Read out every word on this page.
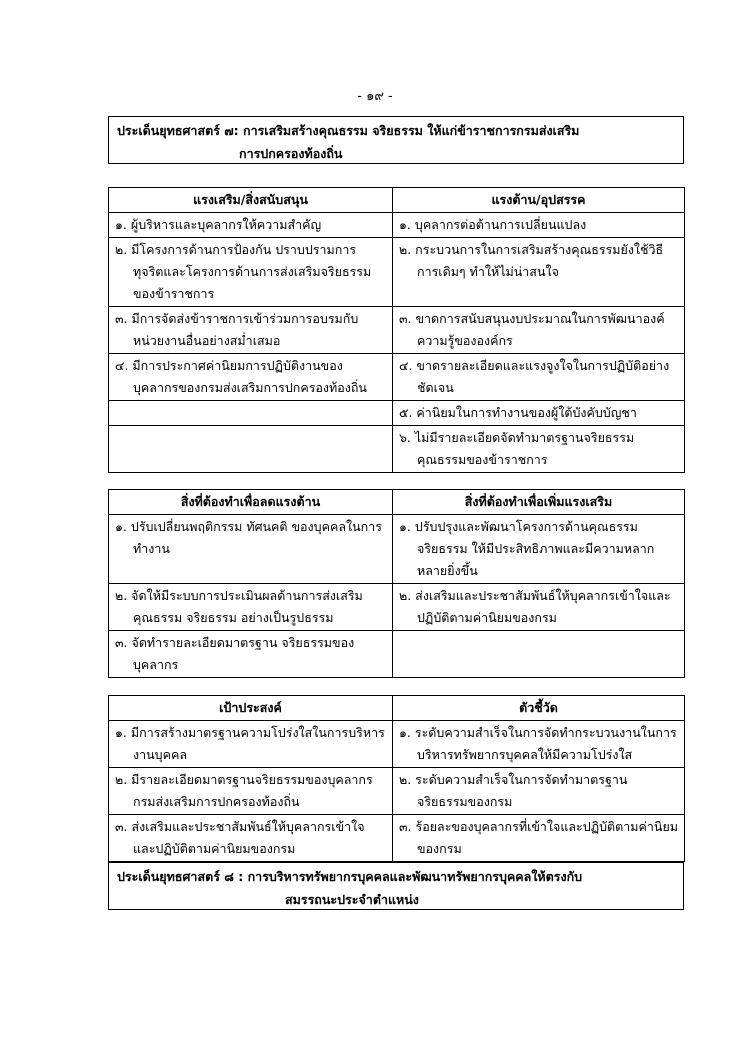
- ๑๙ -
ประเด็นยุทธศาสตร์ ๗: การเสริมสร้างคุณธรรม จริยธรรม ให้แก่ข้าราชการกรมส่งเสริม
การปกครองท้องถิ่น
แรงเสริม/สิ่งสนับสนุน	แรงต้าน/อุปสรรค

๑. ผู้บริหารและบุคลากรให้ความสำคัญ	๑. บุคลากรต่อต้านการเปลี่ยนแปลง

๒. มีโครงการด้านการป้องกัน ปราบปรามการทุจริตและโครงการด้านการส่งเสริมจริยธรรมของข้าราชการ	๒. กระบวนการในการเสริมสร้างคุณธรรมยังใช้วิธีการเดิมๆ ทำให้ไม่น่าสนใจ

๓. มีการจัดส่งข้าราชการเข้าร่วมการอบรมกับหน่วยงานอื่นอย่างสม่ำเสมอ	๓. ขาดการสนับสนุนงบประมาณในการพัฒนาองค์ความรู้ขององค์กร

๔. มีการประกาศค่านิยมการปฏิบัติงานของบุคลากรของกรมส่งเสริมการปกครองท้องถิ่น	๔. ขาดรายละเอียดและแรงจูงใจในการปฏิบัติอย่างชัดเจน

	๕. ค่านิยมในการทำงานของผู้ใต้บังคับบัญชา

	๖. ไม่มีรายละเอียดจัดทำมาตรฐานจริยธรรมคุณธรรมของข้าราชการ
สิ่งที่ต้องทำเพื่อลดแรงต้าน	สิ่งที่ต้องทำเพื่อเพิ่มแรงเสริม

๑. ปรับเปลี่ยนพฤติกรรม ทัศนคติ ของบุคคลในการทำงาน	๑. ปรับปรุงและพัฒนาโครงการด้านคุณธรรมจริยธรรม ให้มีประสิทธิภาพและมีความหลากหลายยิ่งขึ้น

๒. จัดให้มีระบบการประเมินผลด้านการส่งเสริมคุณธรรม จริยธรรม อย่างเป็นรูปธรรม	๒. ส่งเสริมและประชาสัมพันธ์ให้บุคลากรเข้าใจและปฏิบัติตามค่านิยมของกรม

๓. จัดทำรายละเอียดมาตรฐาน จริยธรรมของบุคลากร	

เป้าประสงค์	ตัวชี้วัด

๑. มีการสร้างมาตรฐานความโปร่งใสในการบริหารงานบุคคล	๑. ระดับความสำเร็จในการจัดทำกระบวนงานในการบริหารทรัพยากรบุคคลให้มีความโปร่งใส

๒. มีรายละเอียดมาตรฐานจริยธรรมของบุคลากรกรมส่งเสริมการปกครองท้องถิ่น	๒. ระดับความสำเร็จในการจัดทำมาตรฐานจริยธรรมของกรม

๓. ส่งเสริมและประชาสัมพันธ์ให้บุคลากรเข้าใจและปฏิบัติตามค่านิยมของกรม	๓. ร้อยละของบุคลากรที่เข้าใจและปฏิบัติตามค่านิยมของกรม
ประเด็นยุทธศาสตร์ ๘ : การบริหารทรัพยากรบุคคลและพัฒนาทรัพยากรบุคคลให้ตรงกับ
สมรรถนะประจำตำแหน่ง
